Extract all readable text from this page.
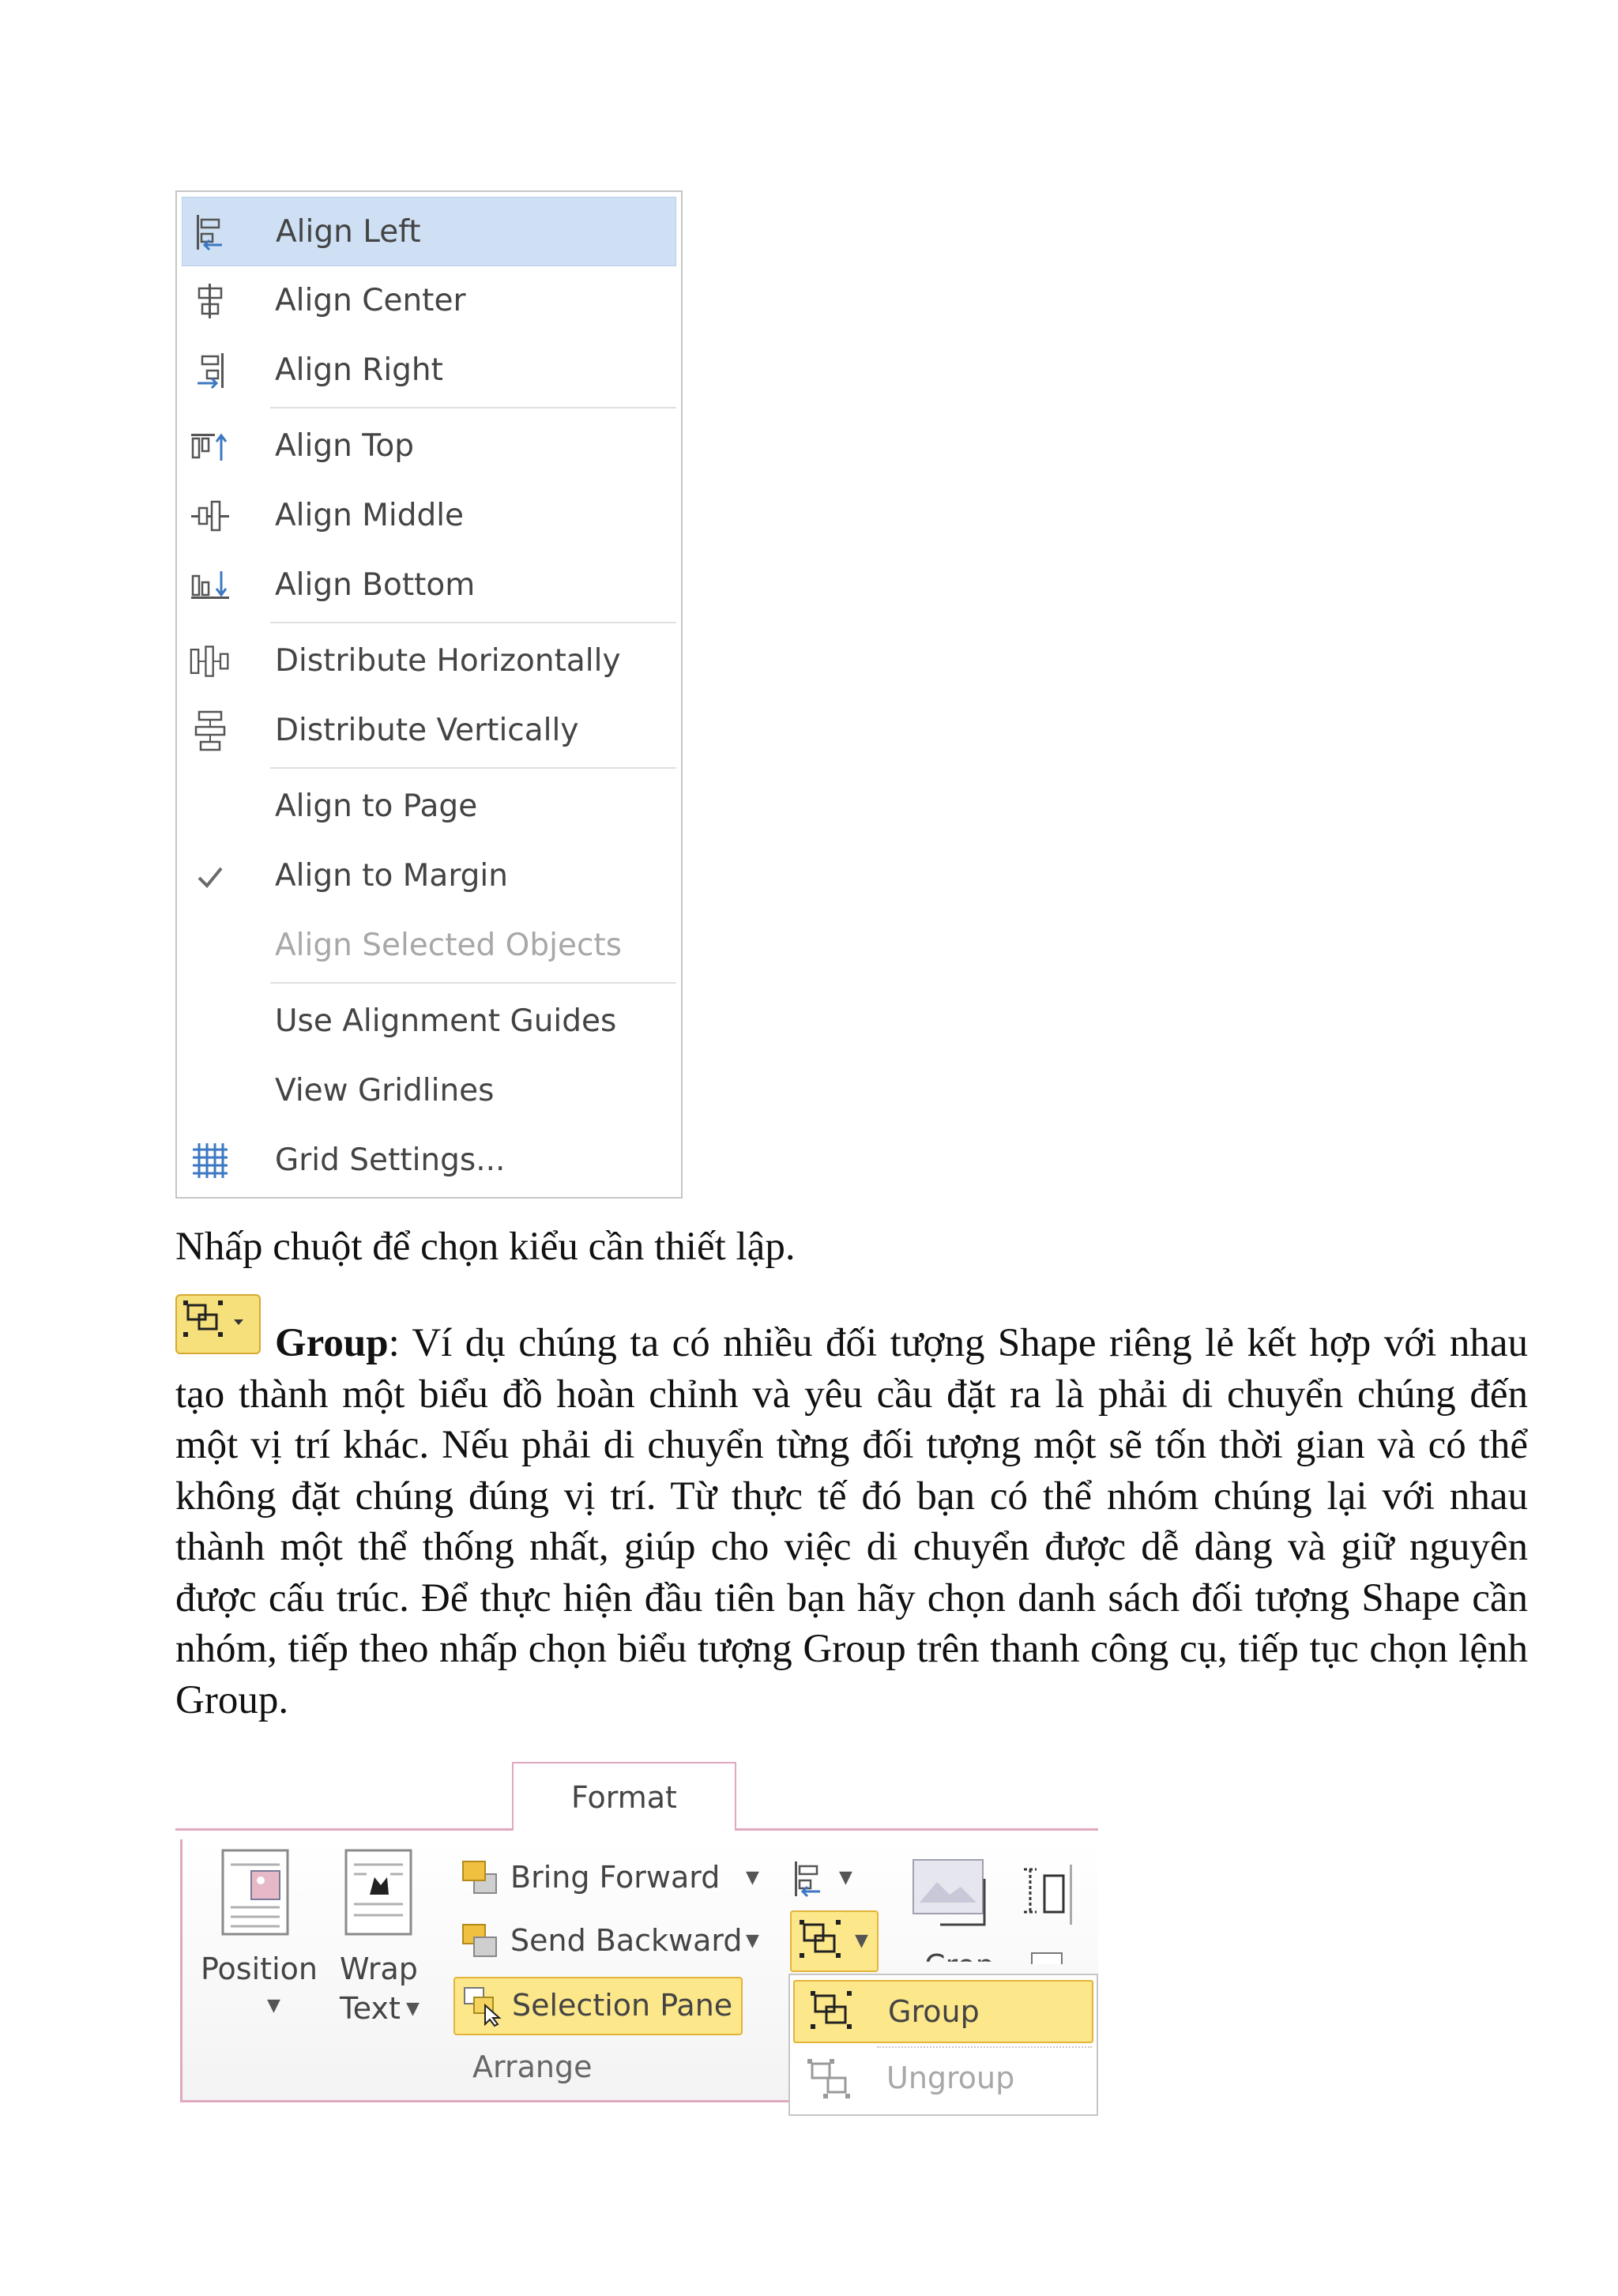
Align Left
Align Center
Align Right
Align Top
Align Middle
Align Bottom
Distribute Horizontally
Distribute Vertically
Align to Page
Align to Margin
Align Selected Objects
Use Alignment Guides
View Gridlines
Grid Settings...
Nhấp chuột để chọn kiểu cần thiết lập.
Group: Ví dụ chúng ta có nhiều đối tượng Shape riêng lẻ kết hợp với nhau tạo thành một biểu đồ hoàn chỉnh và yêu cầu đặt ra là phải di chuyển chúng đến một vị trí khác. Nếu phải di chuyển từng đối tượng một sẽ tốn thời gian và có thể không đặt chúng đúng vị trí. Từ thực tế đó bạn có thể nhóm chúng lại với nhau thành một thể thống nhất, giúp cho việc di chuyển được dễ dàng và giữ nguyên được cấu trúc. Để thực hiện đầu tiên bạn hãy chọn danh sách đối tượng Shape cần nhóm, tiếp theo nhấp chọn biểu tượng Group trên thanh công cụ, tiếp tục chọn lệnh Group.
Format
Position
▼
Wrap
Text ▼
Bring Forward ▼
Send Backward ▼
Selection Pane
Arrange
▼
▼
Group
Ungroup
